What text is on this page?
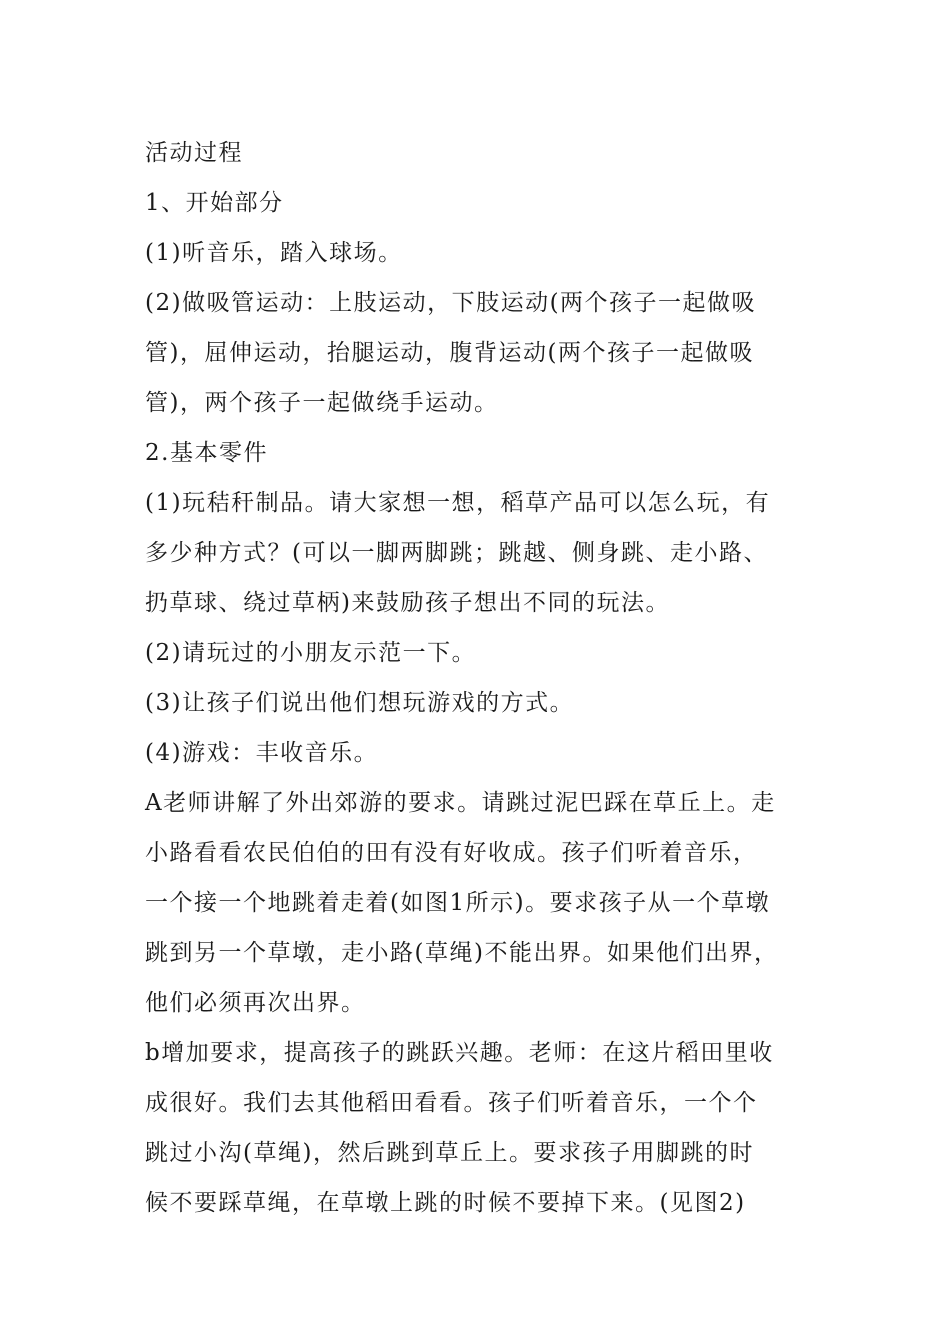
活动过程
1、开始部分
(1)听音乐，踏入球场。
(2)做吸管运动：上肢运动，下肢运动(两个孩子一起做吸
管)，屈伸运动，抬腿运动，腹背运动(两个孩子一起做吸
管)，两个孩子一起做绕手运动。
2.基本零件
(1)玩秸秆制品。请大家想一想，稻草产品可以怎么玩，有
多少种方式？(可以一脚两脚跳；跳越、侧身跳、走小路、
扔草球、绕过草柄)来鼓励孩子想出不同的玩法。
(2)请玩过的小朋友示范一下。
(3)让孩子们说出他们想玩游戏的方式。
(4)游戏：丰收音乐。
A老师讲解了外出郊游的要求。请跳过泥巴踩在草丘上。走
小路看看农民伯伯的田有没有好收成。孩子们听着音乐，
一个接一个地跳着走着(如图1所示)。要求孩子从一个草墩
跳到另一个草墩，走小路(草绳)不能出界。如果他们出界，
他们必须再次出界。
b增加要求，提高孩子的跳跃兴趣。老师：在这片稻田里收
成很好。我们去其他稻田看看。孩子们听着音乐，一个个
跳过小沟(草绳)，然后跳到草丘上。要求孩子用脚跳的时
候不要踩草绳，在草墩上跳的时候不要掉下来。(见图2)
